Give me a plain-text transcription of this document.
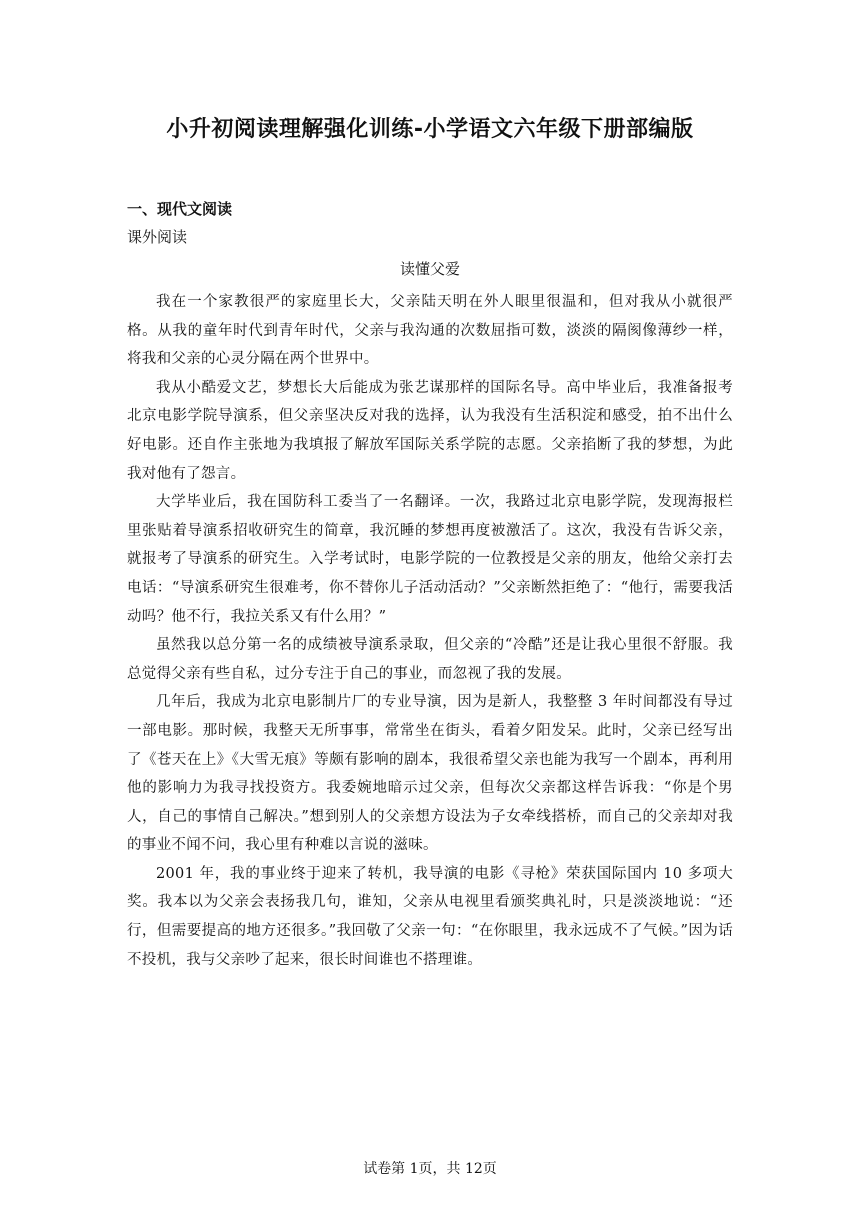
小升初阅读理解强化训练-小学语文六年级下册部编版
一、现代文阅读
课外阅读
读懂父爱

我在一个家教很严的家庭里长大，父亲陆天明在外人眼里很温和，但对我从小就很严格。从我的童年时代到青年时代，父亲与我沟通的次数屈指可数，淡淡的隔阂像薄纱一样，将我和父亲的心灵分隔在两个世界中。

我从小酷爱文艺，梦想长大后能成为张艺谋那样的国际名导。高中毕业后，我准备报考北京电影学院导演系，但父亲坚决反对我的选择，认为我没有生活积淀和感受，拍不出什么好电影。还自作主张地为我填报了解放军国际关系学院的志愿。父亲掐断了我的梦想，为此我对他有了怨言。

大学毕业后，我在国防科工委当了一名翻译。一次，我路过北京电影学院，发现海报栏里张贴着导演系招收研究生的简章，我沉睡的梦想再度被激活了。这次，我没有告诉父亲，就报考了导演系的研究生。入学考试时，电影学院的一位教授是父亲的朋友，他给父亲打去电话：“导演系研究生很难考，你不替你儿子活动活动？”父亲断然拒绝了：“他行，需要我活动吗？他不行，我拉关系又有什么用？”

虽然我以总分第一名的成绩被导演系录取，但父亲的“冷酷”还是让我心里很不舒服。我总觉得父亲有些自私，过分专注于自己的事业，而忽视了我的发展。

几年后，我成为北京电影制片厂的专业导演，因为是新人，我整整 3 年时间都没有导过一部电影。那时候，我整天无所事事，常常坐在街头，看着夕阳发呆。此时，父亲已经写出了《苍天在上》《大雪无痕》等颇有影响的剧本，我很希望父亲也能为我写一个剧本，再利用他的影响力为我寻找投资方。我委婉地暗示过父亲，但每次父亲都这样告诉我：“你是个男人，自己的事情自己解决。”想到别人的父亲想方设法为子女牵线搭桥，而自己的父亲却对我的事业不闻不问，我心里有种难以言说的滋味。

2001 年，我的事业终于迎来了转机，我导演的电影《寻枪》荣获国际国内 10 多项大奖。我本以为父亲会表扬我几句，谁知，父亲从电视里看颁奖典礼时，只是淡淡地说：“还行，但需要提高的地方还很多。”我回敬了父亲一句：“在你眼里，我永远成不了气候。”因为话不投机，我与父亲吵了起来，很长时间谁也不搭理谁。

试卷第 1页，共 12页
